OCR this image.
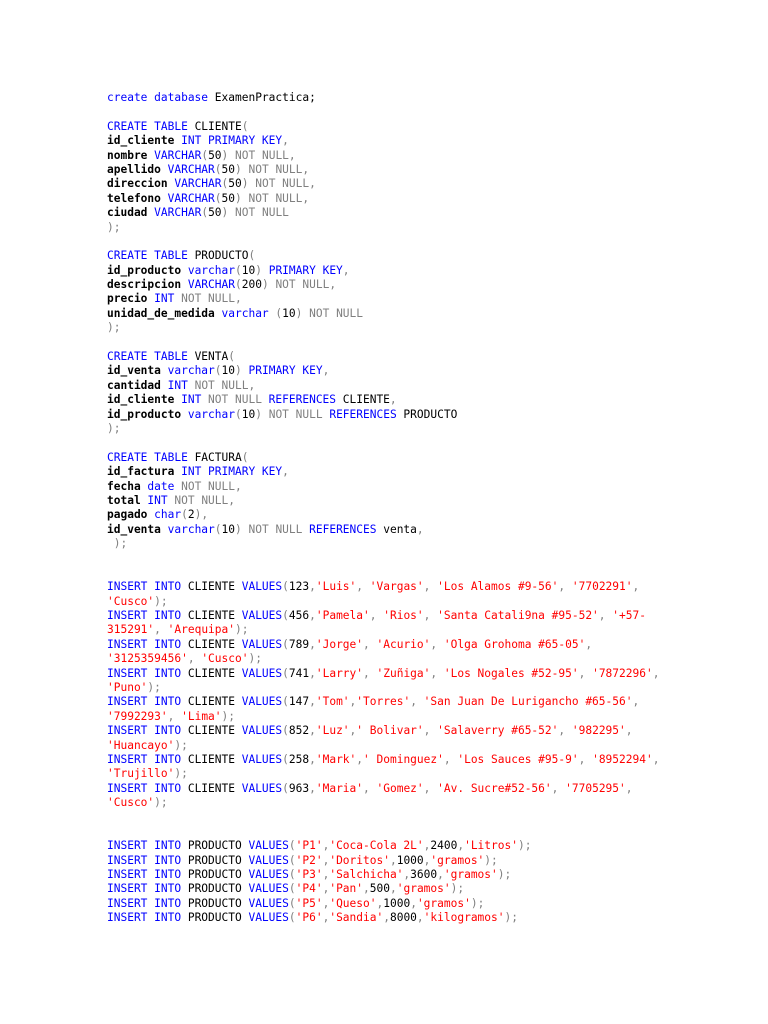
create database ExamenPractica;
CREATE TABLE CLIENTE(
id_cliente INT PRIMARY KEY,
nombre VARCHAR(50) NOT NULL,
apellido VARCHAR(50) NOT NULL,
direccion VARCHAR(50) NOT NULL,
telefono VARCHAR(50) NOT NULL,
ciudad VARCHAR(50) NOT NULL
);
CREATE TABLE PRODUCTO(
id_producto varchar(10) PRIMARY KEY,
descripcion VARCHAR(200) NOT NULL,
precio INT NOT NULL,
unidad_de_medida varchar (10) NOT NULL
);
CREATE TABLE VENTA(
id_venta varchar(10) PRIMARY KEY,
cantidad INT NOT NULL,
id_cliente INT NOT NULL REFERENCES CLIENTE,
id_producto varchar(10) NOT NULL REFERENCES PRODUCTO
);
CREATE TABLE FACTURA(
id_factura INT PRIMARY KEY,
fecha date NOT NULL,
total INT NOT NULL,
pagado char(2),
id_venta varchar(10) NOT NULL REFERENCES venta,
);
INSERT INTO CLIENTE VALUES(123,'Luis', 'Vargas', 'Los Alamos #9-56', '7702291',
'Cusco');
INSERT INTO CLIENTE VALUES(456,'Pamela', 'Rios', 'Santa Catali9na #95-52', '+57-
315291', 'Arequipa');
INSERT INTO CLIENTE VALUES(789,'Jorge', 'Acurio', 'Olga Grohoma #65-05',
'3125359456', 'Cusco');
INSERT INTO CLIENTE VALUES(741,'Larry', 'Zuñiga', 'Los Nogales #52-95', '7872296',
'Puno');
INSERT INTO CLIENTE VALUES(147,'Tom','Torres', 'San Juan De Lurigancho #65-56',
'7992293', 'Lima');
INSERT INTO CLIENTE VALUES(852,'Luz',' Bolivar', 'Salaverry #65-52', '982295',
'Huancayo');
INSERT INTO CLIENTE VALUES(258,'Mark',' Dominguez', 'Los Sauces #95-9', '8952294',
'Trujillo');
INSERT INTO CLIENTE VALUES(963,'Maria', 'Gomez', 'Av. Sucre#52-56', '7705295',
'Cusco');
INSERT INTO PRODUCTO VALUES('P1','Coca-Cola 2L',2400,'Litros');
INSERT INTO PRODUCTO VALUES('P2','Doritos',1000,'gramos');
INSERT INTO PRODUCTO VALUES('P3','Salchicha',3600,'gramos');
INSERT INTO PRODUCTO VALUES('P4','Pan',500,'gramos');
INSERT INTO PRODUCTO VALUES('P5','Queso',1000,'gramos');
INSERT INTO PRODUCTO VALUES('P6','Sandia',8000,'kilogramos');
